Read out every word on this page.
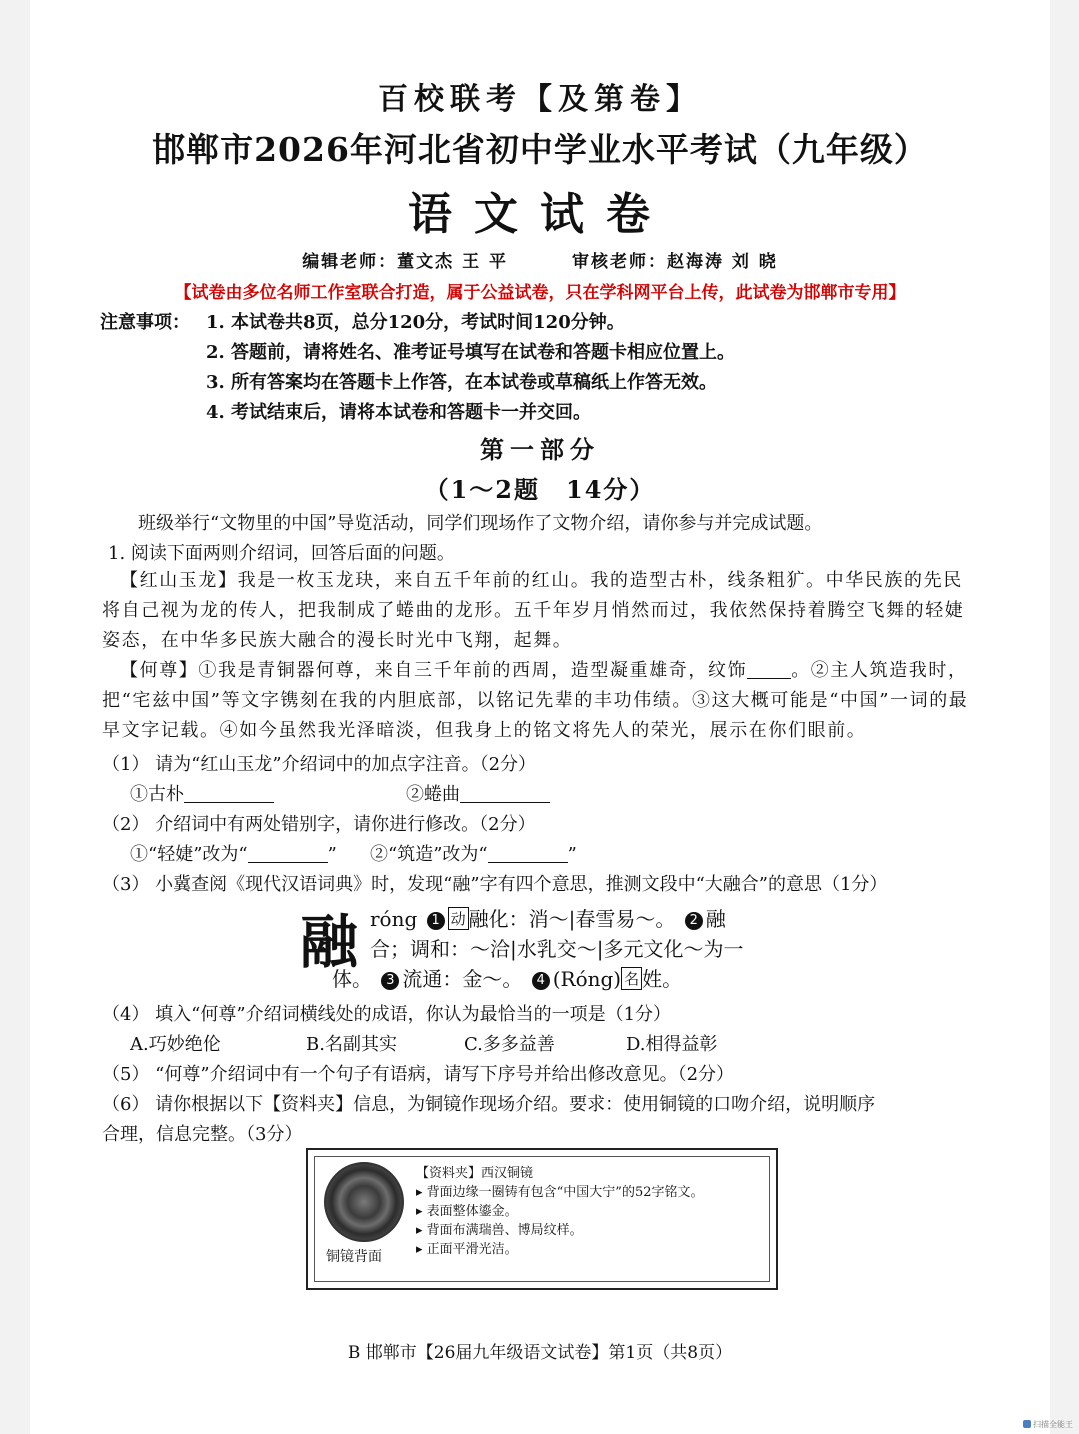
百校联考【及第卷】
邯郸市2026年河北省初中学业水平考试（九年级）
语文试卷
编辑老师：董文杰 王 平	审核老师：赵海涛 刘 晓
【试卷由多位名师工作室联合打造，属于公益试卷，只在学科网平台上传，此试卷为邯郸市专用】
注意事项： 1. 本试卷共8页，总分120分，考试时间120分钟。
2. 答题前，请将姓名、准考证号填写在试卷和答题卡相应位置上。
3. 所有答案均在答题卡上作答，在本试卷或草稿纸上作答无效。
4. 考试结束后，请将本试卷和答题卡一并交回。
第一部分
（1～2题　14分）
班级举行“文物里的中国”导览活动，同学们现场作了文物介绍，请你参与并完成试题。
1. 阅读下面两则介绍词，回答后面的问题。
【红山玉龙】我是一枚玉龙玦，来自五千年前的红山。我的造型古朴，线条粗犷。中华民族的先民将自己视为龙的传人，把我制成了蜷曲的龙形。五千年岁月悄然而过，我依然保持着腾空飞舞的轻婕姿态，在中华多民族大融合的漫长时光中飞翔，起舞。
【何尊】①我是青铜器何尊，来自三千年前的西周，造型凝重雄奇，纹饰 。②主人筑造我时，把“宅兹中国”等文字镌刻在我的内胆底部，以铭记先辈的丰功伟绩。③这大概可能是“中国”一词的最早文字记载。④如今虽然我光泽暗淡，但我身上的铭文将先人的荣光，展示在你们眼前。
（1） 请为“红山玉龙”介绍词中的加点字注音。（2分）
①古朴	②蜷曲
（2） 介绍词中有两处错别字，请你进行修改。（2分）
①“轻婕”改为“	” ②“筑造”改为“	”
（3） 小冀查阅《现代汉语词典》时，发现“融”字有四个意思，推测文段中“大融合”的意思（1分）
融 róng 1 动 融化：消～|春雪易～。 2 融
合；调和：～洽|水乳交～|多元文化～为一
体。 3 流通：金～。 4 (Róng) 名 姓。
（4） 填入“何尊”介绍词横线处的成语，你认为最恰当的一项是（1分）
A.巧妙绝伦	B.名副其实	C.多多益善	D.相得益彰
（5） “何尊”介绍词中有一个句子有语病，请写下序号并给出修改意见。（2分）
（6） 请你根据以下【资料夹】信息，为铜镜作现场介绍。要求：使用铜镜的口吻介绍，说明顺序
合理，信息完整。（3分）
铜镜背面
【资料夹】西汉铜镜
▸ 背面边缘一圈铸有包含“中国大宁”的52字铭文。
▸ 表面整体鎏金。
▸ 背面布满瑞兽、博局纹样。
▸ 正面平滑光洁。
B 邯郸市【26届九年级语文试卷】第1页（共8页）
扫描全能王
